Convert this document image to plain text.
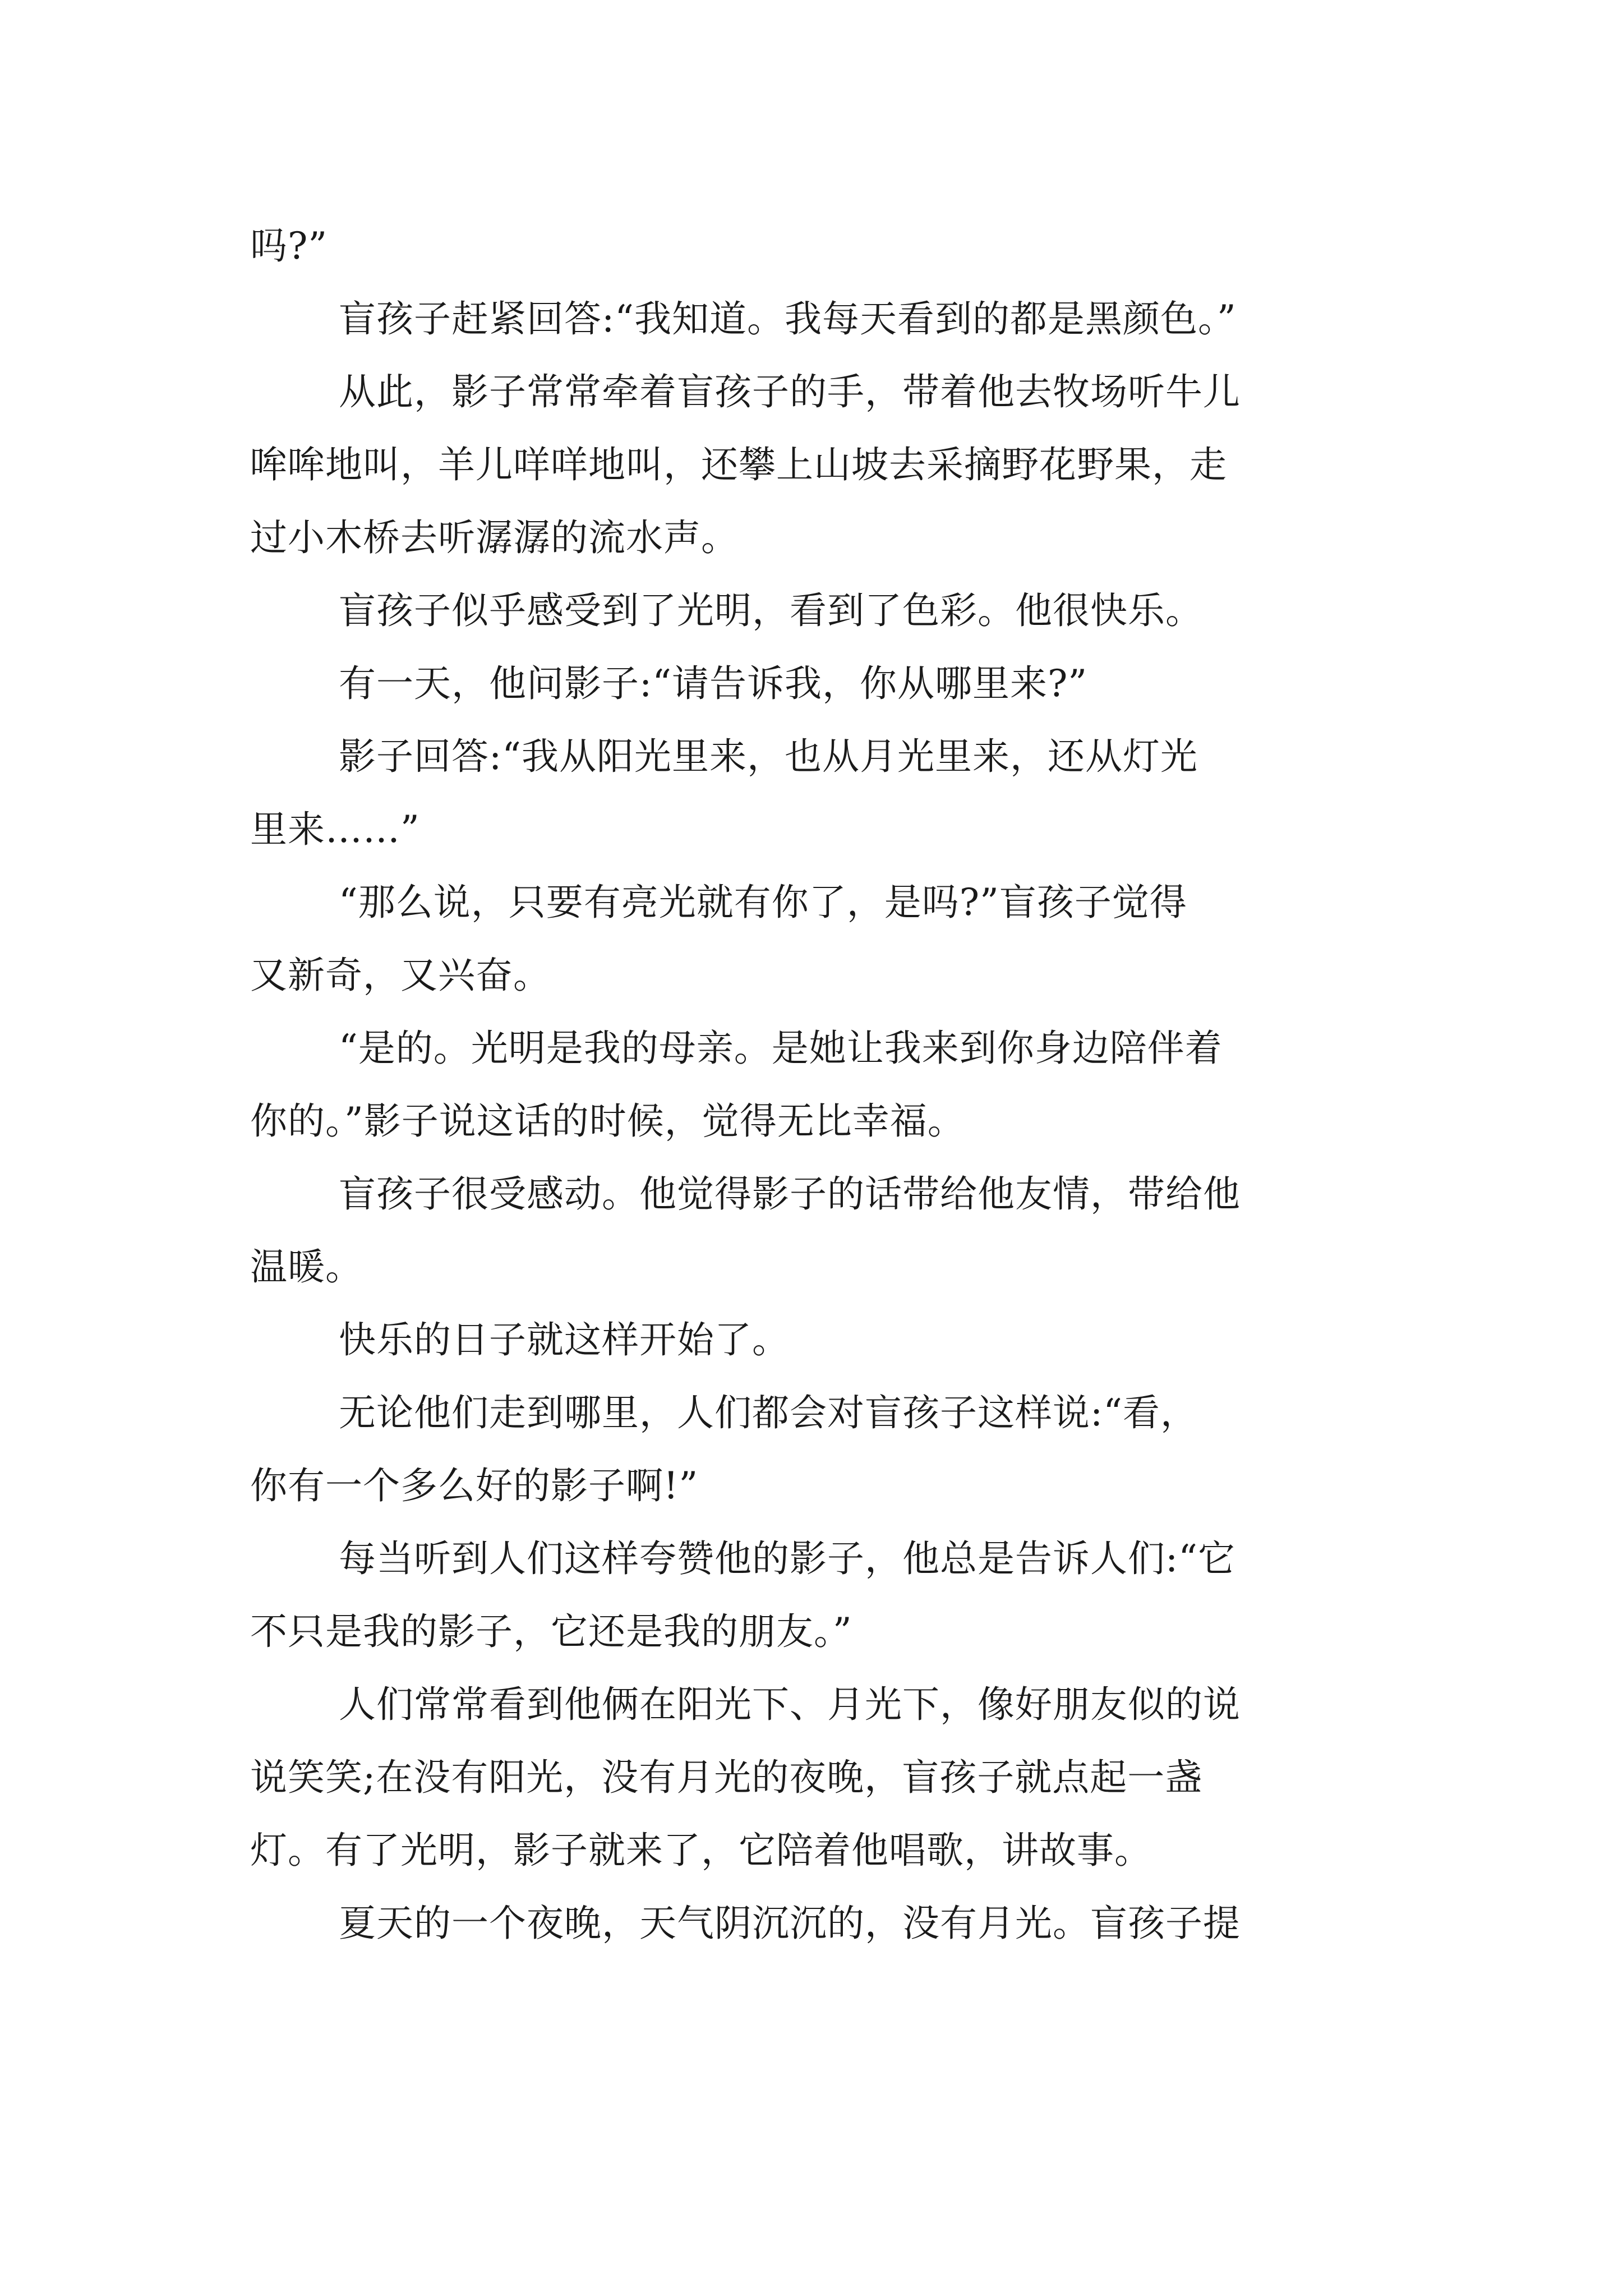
吗?”
盲孩子赶紧回答:“我知道。我每天看到的都是黑颜色。”
从此，影子常常牵着盲孩子的手，带着他去牧场听牛儿
哞哞地叫，羊儿咩咩地叫，还攀上山坡去采摘野花野果，走
过小木桥去听潺潺的流水声。
盲孩子似乎感受到了光明，看到了色彩。他很快乐。
有一天，他问影子:“请告诉我，你从哪里来?”
影子回答:“我从阳光里来，也从月光里来，还从灯光
里来……”
“那么说，只要有亮光就有你了，是吗?”盲孩子觉得
又新奇，又兴奋。
“是的。光明是我的母亲。是她让我来到你身边陪伴着
你的。”影子说这话的时候，觉得无比幸福。
盲孩子很受感动。他觉得影子的话带给他友情，带给他
温暖。
快乐的日子就这样开始了。
无论他们走到哪里，人们都会对盲孩子这样说:“看，
你有一个多么好的影子啊!”
每当听到人们这样夸赞他的影子，他总是告诉人们:“它
不只是我的影子，它还是我的朋友。”
人们常常看到他俩在阳光下、月光下，像好朋友似的说
说笑笑;在没有阳光，没有月光的夜晚，盲孩子就点起一盏
灯。有了光明，影子就来了，它陪着他唱歌，讲故事。
夏天的一个夜晚，天气阴沉沉的，没有月光。盲孩子提
